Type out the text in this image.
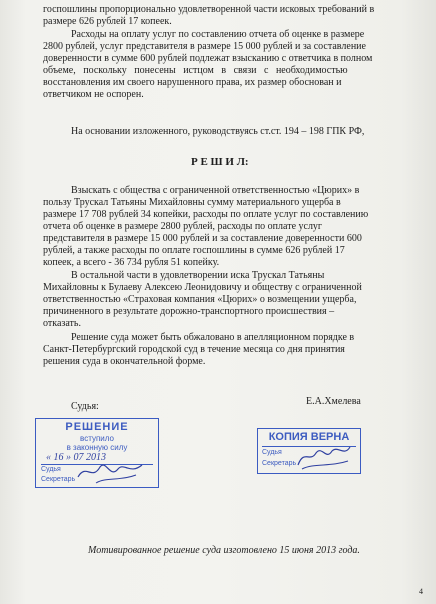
госпошлины пропорционально удовлетворенной части исковых требований в
размере 626 рублей 17 копеек.
Расходы на оплату услуг по составлению отчета об оценке в размере
2800 рублей, услуг представителя в размере 15 000 рублей и за составление
доверенности в сумме 600 рублей подлежат взысканию с ответчика в полном
объеме, поскольку понесены истцом в связи с необходимостью
восстановления им своего нарушенного права, их размер обоснован и
ответчиком не оспорен.
На основании изложенного, руководствуясь ст.ст. 194 – 198 ГПК РФ,
Р Е Ш И Л:
Взыскать с общества с ограниченной ответственностью «Цюрих» в
пользу Трускал Татьяны Михайловны сумму материального ущерба в
размере 17 708 рублей 34 копейки, расходы по оплате услуг по составлению
отчета об оценке в размере 2800 рублей, расходы по оплате услуг
представителя в размере 15 000 рублей и за составление доверенности 600
рублей, а также расходы по оплате госпошлины в сумме 626 рублей 17
копеек, а всего - 36 734 рубля 51 копейку.
В остальной части в удовлетворении иска Трускал Татьяны
Михайловны к Булаеву Алексею Леонидовичу и обществу с ограниченной
ответственностью «Страховая компания «Цюрих» о возмещении ущерба,
причиненного в результате дорожно-транспортного происшествия –
отказать.
Решение суда может быть обжаловано в апелляционном порядке в
Санкт-Петербургский городской суд в течение месяца со дня принятия
решения суда в окончательной форме.
Судья:	Е.А.Хмелева
РЕШЕНИЕ
вступило
в законную силу
« 16 » 07 2013
Судья
Секретарь
КОПИЯ ВЕРНА
Судья
Секретарь
Мотивированное решение суда изготовлено 15 июня 2013 года.
4
